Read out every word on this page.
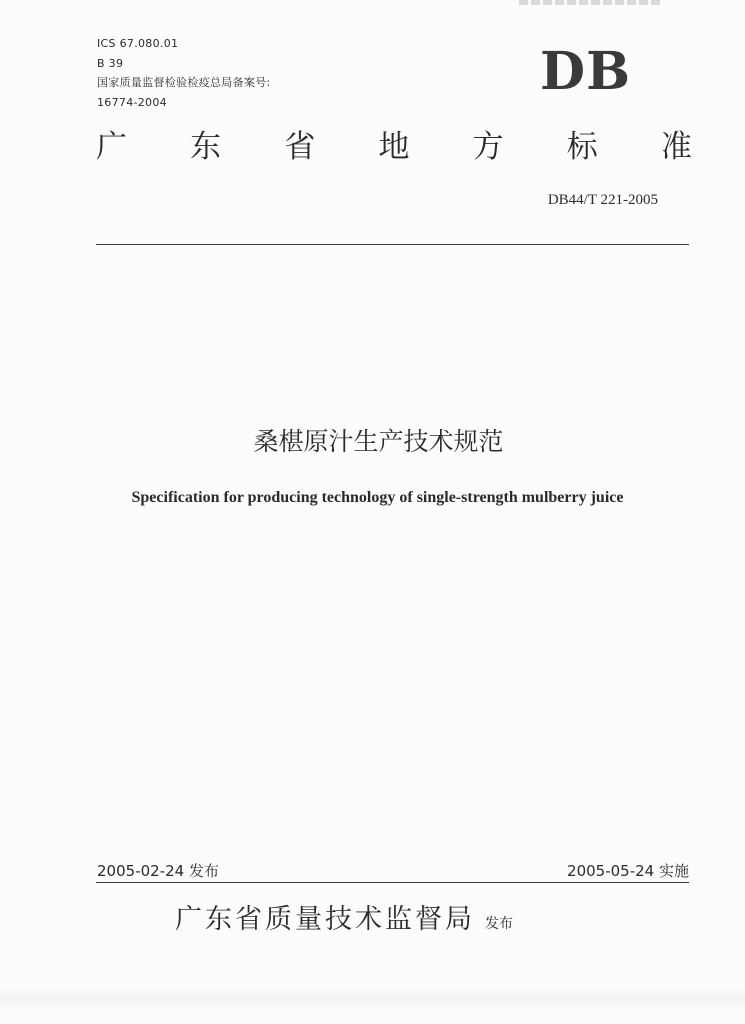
ICS 67.080.01
B 39
国家质量监督检验检疫总局备案号:
16774-2004	DB
广 东 省 地 方 标 准
DB44/T 221-2005
桑椹原汁生产技术规范
Specification for producing technology of single-strength mulberry juice
2005-02-24 发布	2005-05-24 实施
广东省质量技术监督局 发布
